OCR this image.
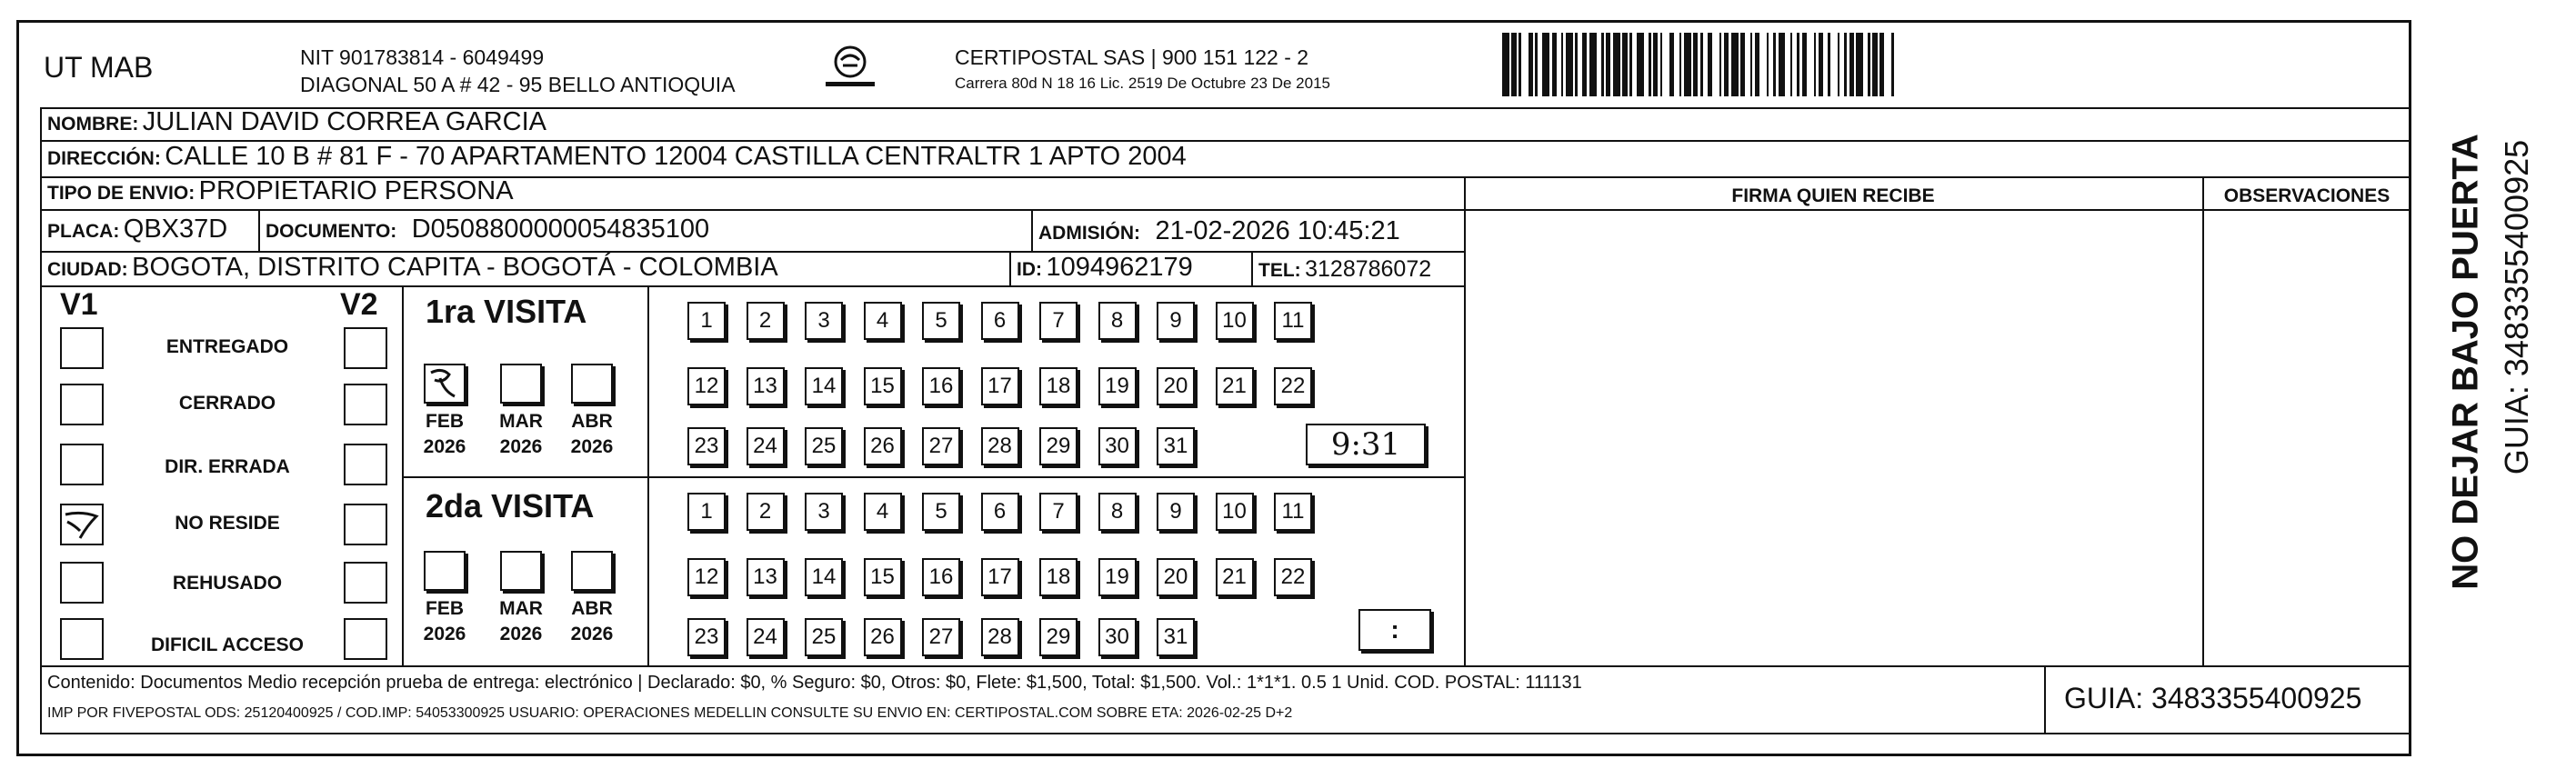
UT MAB	NIT 901783814 - 6049499
DIAGONAL 50 A # 42 - 95 BELLO ANTIOQUIA
CERTIPOSTAL SAS | 900 151 122 - 2
Carrera 80d N 18 16 Lic. 2519 De Octubre 23 De 2015
NOMBRE: JULIAN DAVID CORREA GARCIA
DIRECCIÓN: CALLE 10 B # 81 F - 70 APARTAMENTO 12004 CASTILLA CENTRALTR 1 APTO 2004
TIPO DE ENVIO: PROPIETARIO PERSONA	FIRMA QUIEN RECIBE	OBSERVACIONES
PLACA: QBX37D DOCUMENTO: D0508800000054835100	ADMISIÓN: 21-02-2026 10:45:21
CIUDAD: BOGOTA, DISTRITO CAPITA - BOGOTÁ - COLOMBIA	ID: 1094962179	TEL: 3128786072
V1	V2
ENTREGADO
CERRADO
DIR. ERRADA
NO RESIDE
REHUSADO
DIFICIL ACCESO
1ra VISITA
FEB
2026
MAR
2026
ABR
2026
2da VISITA
FEB
2026
MAR
2026
ABR
2026
1	2	3	4	5	6	7	8	9	10	11
12	13	14	15	16	17	18	19	20	21	22
23	24	25	26	27	28	29	30	31
1	2	3	4	5	6	7	8	9	10	11
12	13	14	15	16	17	18	19	20	21	22
23	24	25	26	27	28	29	30	31
9:31
:
NO DEJAR BAJO PUERTA GUIA: 3483355400925
Contenido: Documentos Medio recepción prueba de entrega: electrónico | Declarado: $0, % Seguro: $0, Otros: $0, Flete: $1,500, Total: $1,500. Vol.: 1*1*1. 0.5 1 Unid. COD. POSTAL: 111131
IMP POR FIVEPOSTAL ODS: 25120400925 / COD.IMP: 54053300925 USUARIO: OPERACIONES MEDELLIN CONSULTE SU ENVIO EN: CERTIPOSTAL.COM SOBRE ETA: 2026-02-25 D+2	GUIA: 3483355400925
